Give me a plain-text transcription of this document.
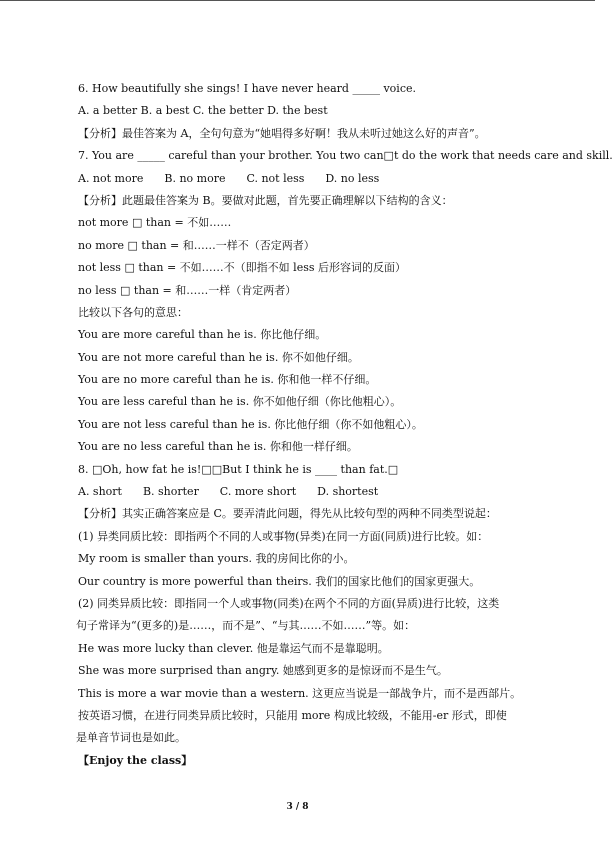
6. How beautifully she sings! I have never heard _____ voice.
A. a better B. a best C. the better D. the best
【分析】最佳答案为 A，全句句意为“她唱得多好啊！我从未听过她这么好的声音”。
7. You are _____ careful than your brother. You two can□t do the work that needs care and skill.
A. not more      B. no more      C. not less      D. no less
【分析】此题最佳答案为 B。要做对此题，首先要正确理解以下结构的含义：
not more □ than = 不如……
no more □ than = 和……一样不（否定两者）
not less □ than = 不如……不（即指不如 less 后形容词的反面）
no less □ than = 和……一样（肯定两者）
比较以下各句的意思：
You are more careful than he is. 你比他仔细。
You are not more careful than he is. 你不如他仔细。
You are no more careful than he is. 你和他一样不仔细。
You are less careful than he is. 你不如他仔细（你比他粗心）。
You are not less careful than he is. 你比他仔细（你不如他粗心）。
You are no less careful than he is. 你和他一样仔细。
8. □Oh, how fat he is!□□But I think he is ____ than fat.□
A. short      B. shorter      C. more short      D. shortest
【分析】其实正确答案应是 C。要弄清此问题，得先从比较句型的两种不同类型说起：
(1) 异类同质比较：即指两个不同的人或事物(异类)在同一方面(同质)进行比较。如：
My room is smaller than yours. 我的房间比你的小。
Our country is more powerful than theirs. 我们的国家比他们的国家更强大。
(2) 同类异质比较：即指同一个人或事物(同类)在两个不同的方面(异质)进行比较，这类
句子常译为“(更多的)是……，而不是”、“与其……不如……”等。如：
He was more lucky than clever. 他是靠运气而不是靠聪明。
She was more surprised than angry. 她感到更多的是惊讶而不是生气。
This is more a war movie than a western. 这更应当说是一部战争片，而不是西部片。
按英语习惯，在进行同类异质比较时，只能用 more 构成比较级，不能用-er 形式，即使
是单音节词也是如此。
【Enjoy the class】
3 / 8
